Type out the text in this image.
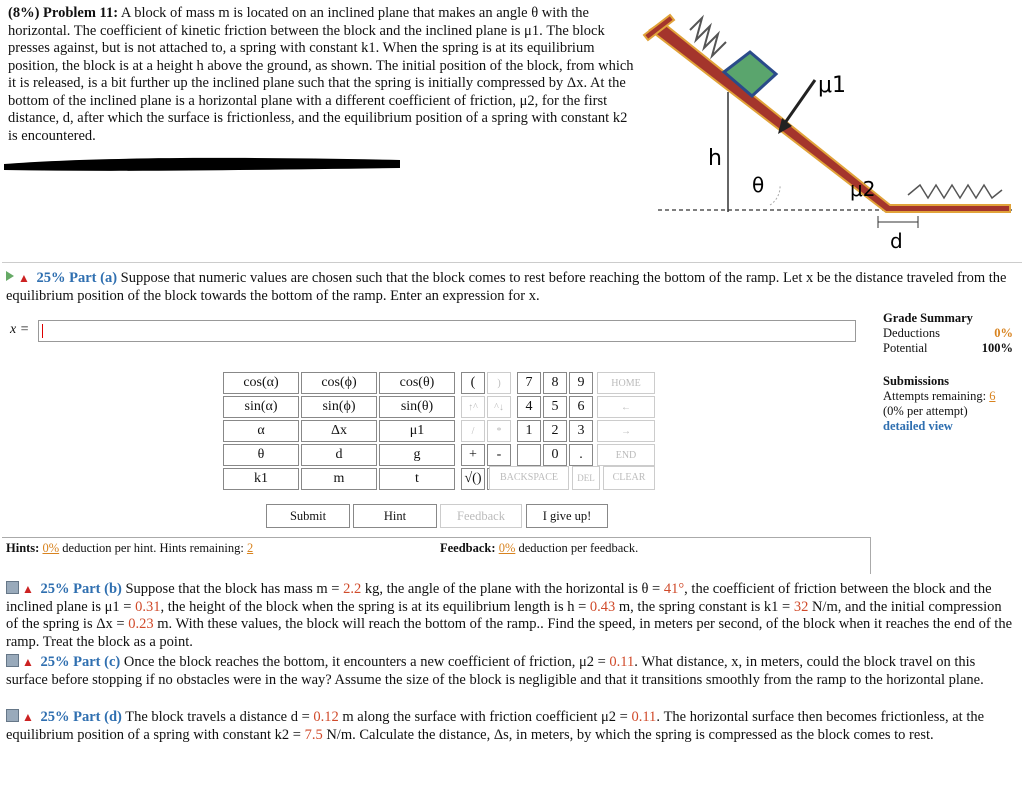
(8%) Problem 11: A block of mass m is located on an inclined plane that makes an angle θ with the horizontal. The coefficient of kinetic friction between the block and the inclined plane is μ1. The block presses against, but is not attached to, a spring with constant k1. When the spring is at its equilibrium position, the block is at a height h above the ground, as shown. The initial position of the block, from which it is released, is a bit further up the inclined plane such that the spring is initially compressed by Δx. At the bottom of the inclined plane is a horizontal plane with a different coefficient of friction, μ2, for the first distance, d, after which the surface is frictionless, and the equilibrium position of a spring with constant k2 is encountered.
μ1
h
θ	μ2
d
▲ 25% Part (a) Suppose that numeric values are chosen such that the block comes to rest before reaching the bottom of the ramp. Let x be the distance traveled from the equilibrium position of the block towards the bottom of the ramp. Enter an expression for x.
x =
Grade Summary
Deductions	0%
Potential	100%
Submissions
Attempts remaining: 6
(0% per attempt)
detailed view
cos(α)	cos(ϕ)	cos(θ)
sin(α)	sin(ϕ)	sin(θ)
α	Δx	μ1
θ	d	g
k1	m	t
(	)
↑^	^↓
/	*
+	-
√()	
7	8	9
4	5	6
1	2	3
	0	.
HOME
←
→
END
BACKSPACE	DEL	CLEAR
Submit	Hint	Feedback	I give up!
Hints: 0% deduction per hint. Hints remaining: 2	Feedback: 0% deduction per feedback.
▲ 25% Part (b) Suppose that the block has mass m = 2.2 kg, the angle of the plane with the horizontal is θ = 41°, the coefficient of friction between the block and the inclined plane is μ1 = 0.31, the height of the block when the spring is at its equilibrium length is h = 0.43 m, the spring constant is k1 = 32 N/m, and the initial compression of the spring is Δx = 0.23 m. With these values, the block will reach the bottom of the ramp.. Find the speed, in meters per second, of the block when it reaches the end of the ramp. Treat the block as a point.
▲ 25% Part (c) Once the block reaches the bottom, it encounters a new coefficient of friction, μ2 = 0.11. What distance, x, in meters, could the block travel on this surface before stopping if no obstacles were in the way? Assume the size of the block is negligible and that it transitions smoothly from the ramp to the horizontal plane.
▲ 25% Part (d) The block travels a distance d = 0.12 m along the surface with friction coefficient μ2 = 0.11. The horizontal surface then becomes frictionless, at the equilibrium position of a spring with constant k2 = 7.5 N/m. Calculate the distance, Δs, in meters, by which the spring is compressed as the block comes to rest.
